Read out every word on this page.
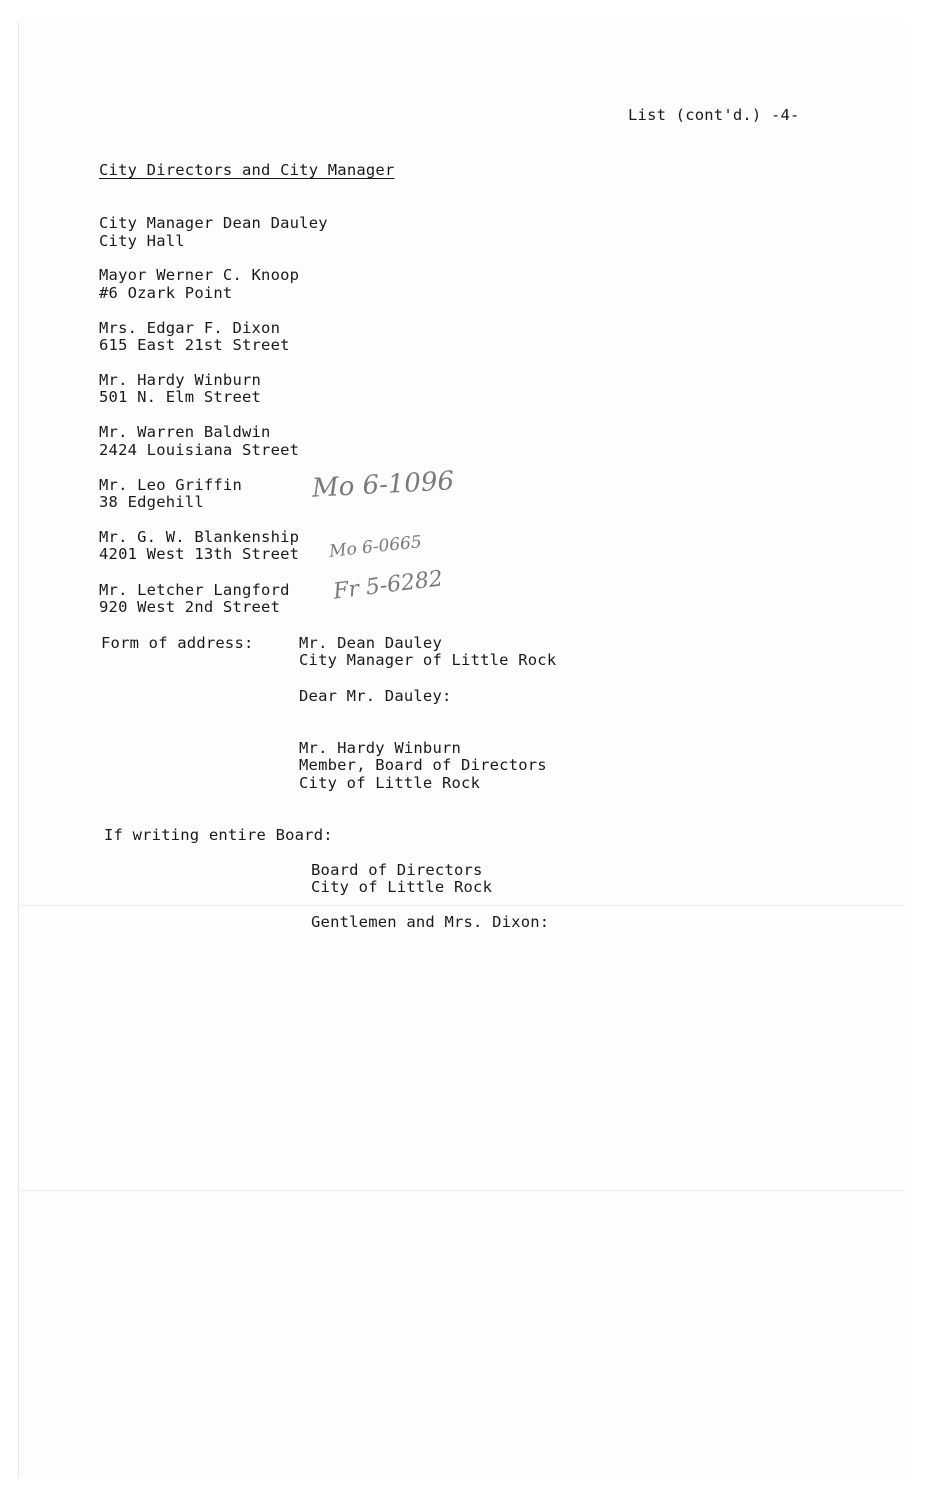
List (cont'd.) -4-
City Directors and City Manager
City Manager Dean Dauley
City Hall
Mayor Werner C. Knoop
#6 Ozark Point
Mrs. Edgar F. Dixon
615 East 21st Street
Mr. Hardy Winburn
501 N. Elm Street
Mr. Warren Baldwin
2424 Louisiana Street
Mr. Leo Griffin
38 Edgehill	Mo 6-1096
Mr. G. W. Blankenship
4201 West 13th Street Mo 6-0665
Mr. Letcher Langford
920 West 2nd Street
Fr 5-6282
Form of address:	Mr. Dean Dauley
City Manager of Little Rock
Dear Mr. Dauley:
Mr. Hardy Winburn
Member, Board of Directors
City of Little Rock
If writing entire Board:
Board of Directors
City of Little Rock
Gentlemen and Mrs. Dixon:
